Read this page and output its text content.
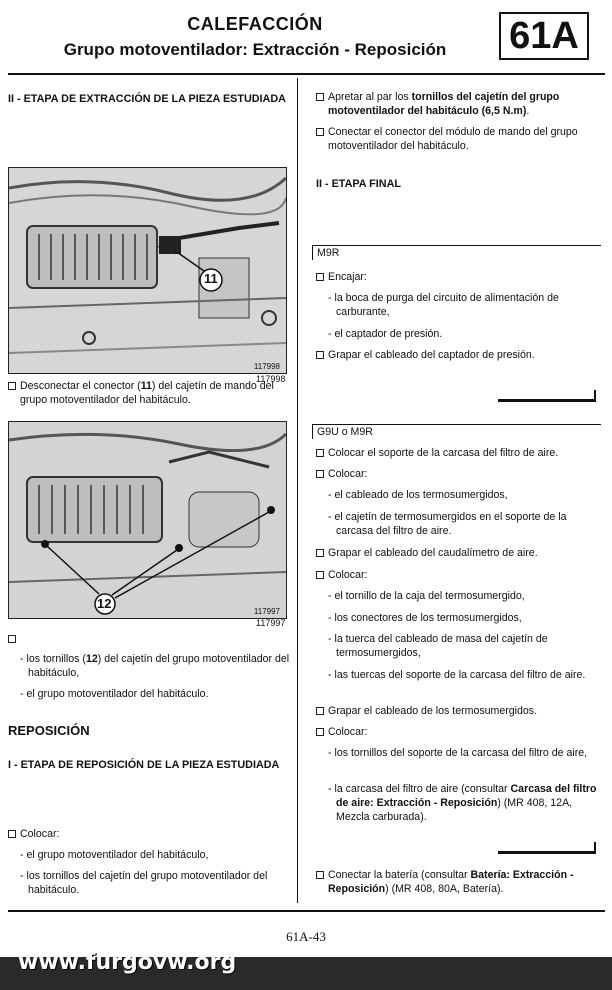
CALEFACCIÓN
Grupo motoventilador: Extracción - Reposición	61A
II - ETAPA DE EXTRACCIÓN DE LA PIEZA ESTUDIADA
11
117998
117998
Desconectar el conector (11) del cajetín de mando del grupo motoventilador del habitáculo.
12
117997
117997
- los tornillos (12) del cajetín del grupo motoventilador del habitáculo,
- el grupo motoventilador del habitáculo.
REPOSICIÓN
I - ETAPA DE REPOSICIÓN DE LA PIEZA ESTUDIADA
Colocar:
- el grupo motoventilador del habitáculo,
- los tornillos del cajetín del grupo motoventilador del habitáculo.
Apretar al par los tornillos del cajetín del grupo motoventilador del habitáculo (6,5 N.m).
Conectar el conector del módulo de mando del grupo motoventilador del habitáculo.
II - ETAPA FINAL
M9R
Encajar:
- la boca de purga del circuito de alimentación de carburante,
- el captador de presión.
Grapar el cableado del captador de presión.
G9U o M9R
Colocar el soporte de la carcasa del filtro de aire.
Colocar:
- el cableado de los termosumergidos,
- el cajetín de termosumergidos en el soporte de la carcasa del filtro de aire.
Grapar el cableado del caudalímetro de aire.
Colocar:
- el tornillo de la caja del termosumergido,
- los conectores de los termosumergidos,
- la tuerca del cableado de masa del cajetín de termosumergidos,
- las tuercas del soporte de la carcasa del filtro de aire.
Grapar el cableado de los termosumergidos.
Colocar:
- los tornillos del soporte de la carcasa del filtro de aire,
- la carcasa del filtro de aire (consultar Carcasa del filtro de aire: Extracción - Reposición) (MR 408, 12A, Mezcla carburada).
Conectar la batería (consultar Batería: Extracción - Reposición) (MR 408, 80A, Batería).
61A-43
www.furgovw.org
